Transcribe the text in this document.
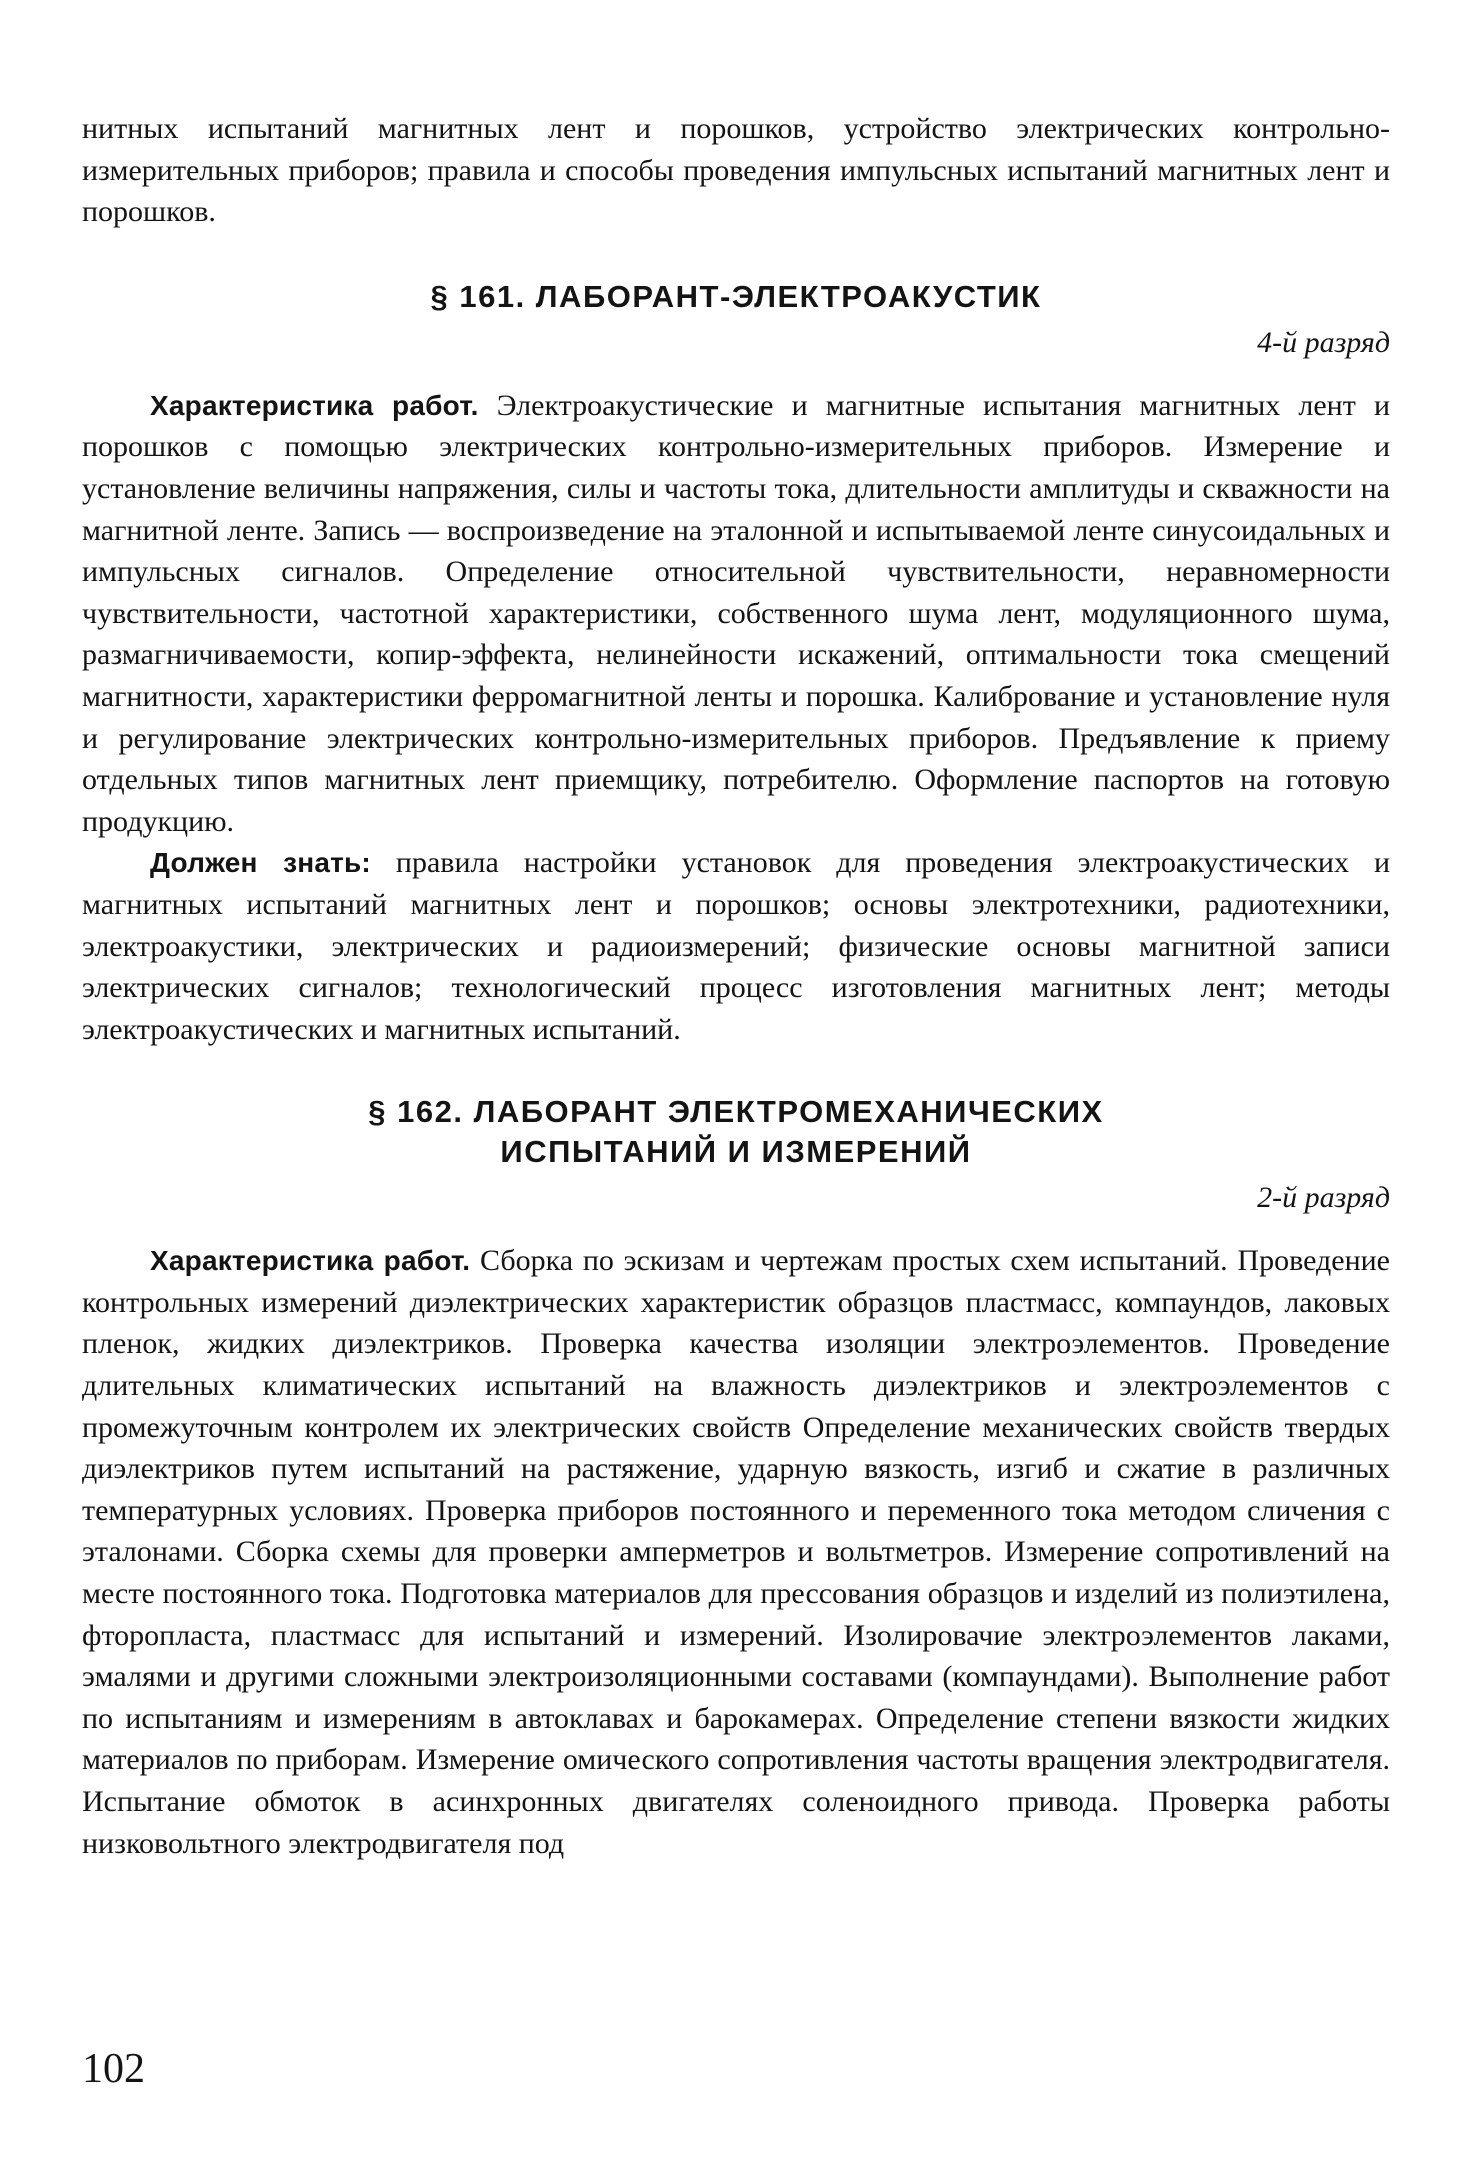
нитных испытаний магнитных лент и порошков, устройство электрических контрольно-измерительных приборов; правила и способы проведения импульсных испытаний магнитных лент и порошков.

§ 161. ЛАБОРАНТ-ЭЛЕКТРОАКУСТИК
4-й разряд

Характеристика работ. Электроакустические и магнитные испытания магнитных лент и порошков с помощью электрических контрольно-измерительных приборов. Измерение и установление величины напряжения, силы и частоты тока, длительности амплитуды и скважности на магнитной ленте. Запись — воспроизведение на эталонной и испытываемой ленте синусоидальных и импульсных сигналов. Определение относительной чувствительности, неравномерности чувствительности, частотной характеристики, собственного шума лент, модуляционного шума, размагничиваемости, копир-эффекта, нелинейности искажений, оптимальности тока смещений магнитности, характеристики ферромагнитной ленты и порошка. Калибрование и установление нуля и регулирование электрических контрольно-измерительных приборов. Предъявление к приему отдельных типов магнитных лент приемщику, потребителю. Оформление паспортов на готовую продукцию.

Должен знать: правила настройки установок для проведения электроакустических и магнитных испытаний магнитных лент и порошков; основы электротехники, радиотехники, электроакустики, электрических и радиоизмерений; физические основы магнитной записи электрических сигналов; технологический процесс изготовления магнитных лент; методы электроакустических и магнитных испытаний.

§ 162. ЛАБОРАНТ ЭЛЕКТРОМЕХАНИЧЕСКИХ
ИСПЫТАНИЙ И ИЗМЕРЕНИЙ
2-й разряд

Характеристика работ. Сборка по эскизам и чертежам простых схем испытаний. Проведение контрольных измерений диэлектрических характеристик образцов пластмасс, компаундов, лаковых пленок, жидких диэлектриков. Проверка качества изоляции электроэлементов. Проведение длительных климатических испытаний на влажность диэлектриков и электроэлементов с промежуточным контролем их электрических свойств Определение механических свойств твердых диэлектриков путем испытаний на растяжение, ударную вязкость, изгиб и сжатие в различных температурных условиях. Проверка приборов постоянного и переменного тока методом сличения с эталонами. Сборка схемы для проверки амперметров и вольтметров. Измерение сопротивлений на месте постоянного тока. Подготовка материалов для прессования образцов и изделий из полиэтилена, фторопласта, пластмасс для испытаний и измерений. Изолировачие электроэлементов лаками, эмалями и другими сложными электроизоляционными составами (компаундами). Выполнение работ по испытаниям и измерениям в автоклавах и барокамерах. Определение степени вязкости жидких материалов по приборам. Измерение омического сопротивления частоты вращения электродвигателя. Испытание обмоток в асинхронных двигателях соленоидного привода. Проверка работы низковольтного электродвигателя под

102
